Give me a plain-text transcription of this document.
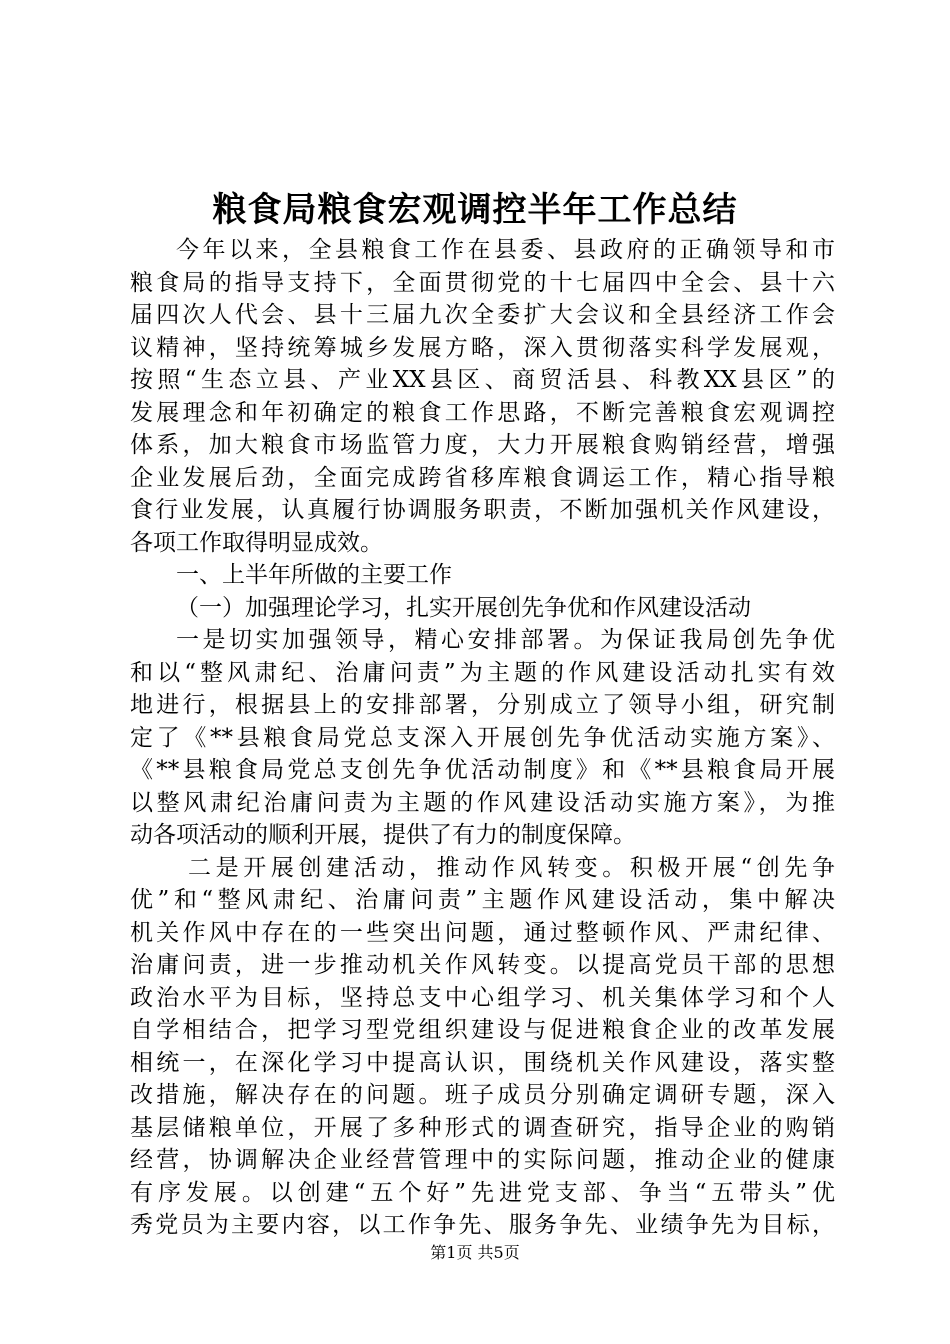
粮食局粮食宏观调控半年工作总结
今年以来，全县粮食工作在县委、县政府的正确领导和市
粮食局的指导支持下，全面贯彻党的十七届四中全会、县十六
届四次人代会、县十三届九次全委扩大会议和全县经济工作会
议精神，坚持统筹城乡发展方略，深入贯彻落实科学发展观，
按照“生态立县、产业XX县区、商贸活县、科教XX县区”的
发展理念和年初确定的粮食工作思路，不断完善粮食宏观调控
体系，加大粮食市场监管力度，大力开展粮食购销经营，增强
企业发展后劲，全面完成跨省移库粮食调运工作，精心指导粮
食行业发展，认真履行协调服务职责，不断加强机关作风建设，
各项工作取得明显成效。
一、上半年所做的主要工作
（一）加强理论学习，扎实开展创先争优和作风建设活动
一是切实加强领导，精心安排部署。为保证我局创先争优
和以“整风肃纪、治庸问责”为主题的作风建设活动扎实有效
地进行，根据县上的安排部署，分别成立了领导小组，研究制
定了《**县粮食局党总支深入开展创先争优活动实施方案》、
《**县粮食局党总支创先争优活动制度》和《**县粮食局开展
以整风肃纪治庸问责为主题的作风建设活动实施方案》，为推
动各项活动的顺利开展，提供了有力的制度保障。
二是开展创建活动，推动作风转变。积极开展“创先争
优”和“整风肃纪、治庸问责”主题作风建设活动，集中解决
机关作风中存在的一些突出问题，通过整顿作风、严肃纪律、
治庸问责，进一步推动机关作风转变。以提高党员干部的思想
政治水平为目标，坚持总支中心组学习、机关集体学习和个人
自学相结合，把学习型党组织建设与促进粮食企业的改革发展
相统一，在深化学习中提高认识，围绕机关作风建设，落实整
改措施，解决存在的问题。班子成员分别确定调研专题，深入
基层储粮单位，开展了多种形式的调查研究，指导企业的购销
经营，协调解决企业经营管理中的实际问题，推动企业的健康
有序发展。以创建“五个好”先进党支部、争当“五带头”优
秀党员为主要内容，以工作争先、服务争先、业绩争先为目标，
第1页 共5页
